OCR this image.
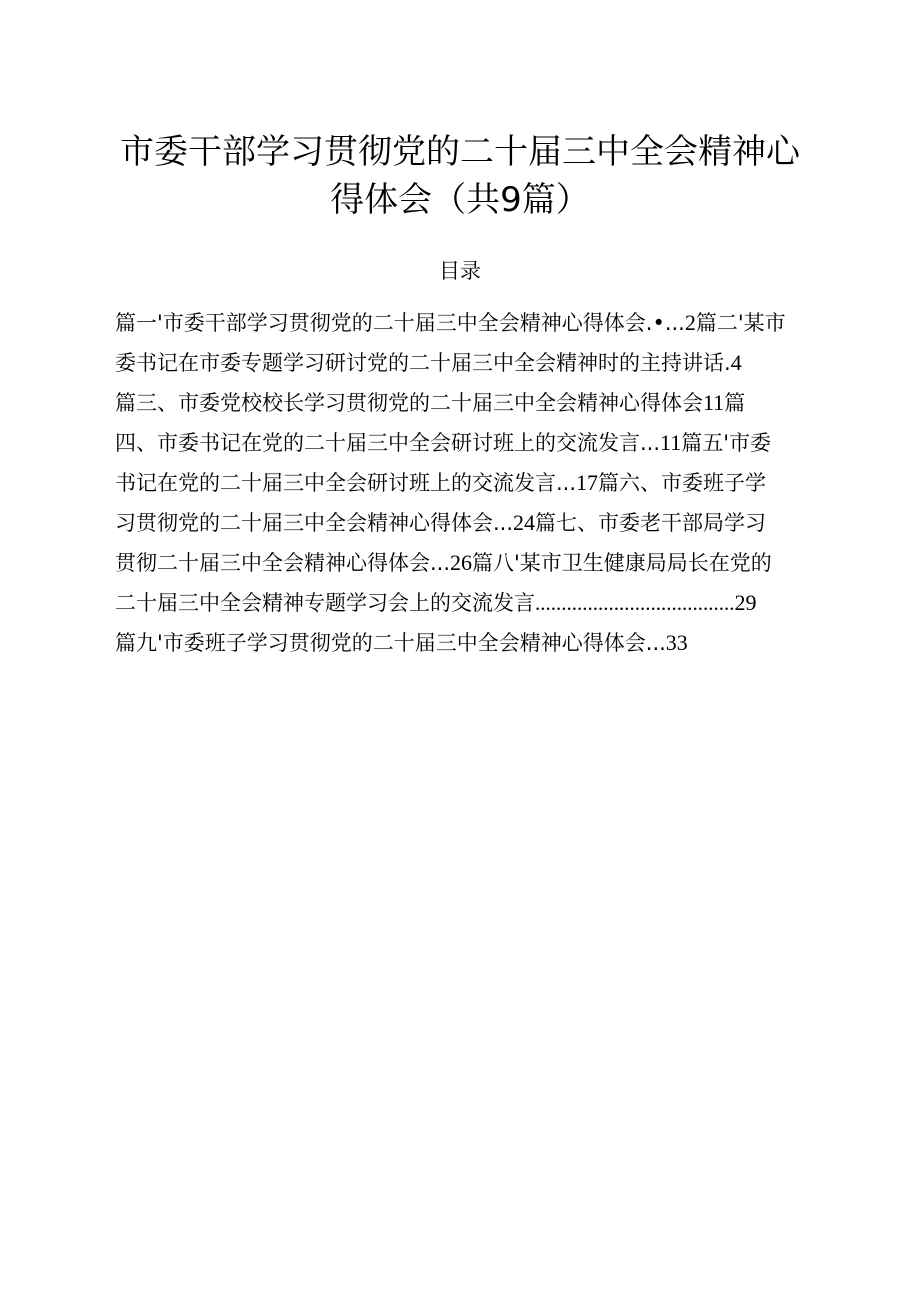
市委干部学习贯彻党的二十届三中全会精神心
得体会（共9篇）
目录
篇一'市委干部学习贯彻党的二十届三中全会精神心得体会.•...2篇二'某市
委书记在市委专题学习研讨党的二十届三中全会精神时的主持讲话.4
篇三、市委党校校长学习贯彻党的二十届三中全会精神心得体会11篇
四、市委书记在党的二十届三中全会研讨班上的交流发言...11篇五'市委
书记在党的二十届三中全会研讨班上的交流发言...17篇六、市委班子学
习贯彻党的二十届三中全会精神心得体会...24篇七、市委老干部局学习
贯彻二十届三中全会精神心得体会...26篇八'某市卫生健康局局长在党的
二十届三中全会精神专题学习会上的交流发言......................................29
篇九'市委班子学习贯彻党的二十届三中全会精神心得体会...33
